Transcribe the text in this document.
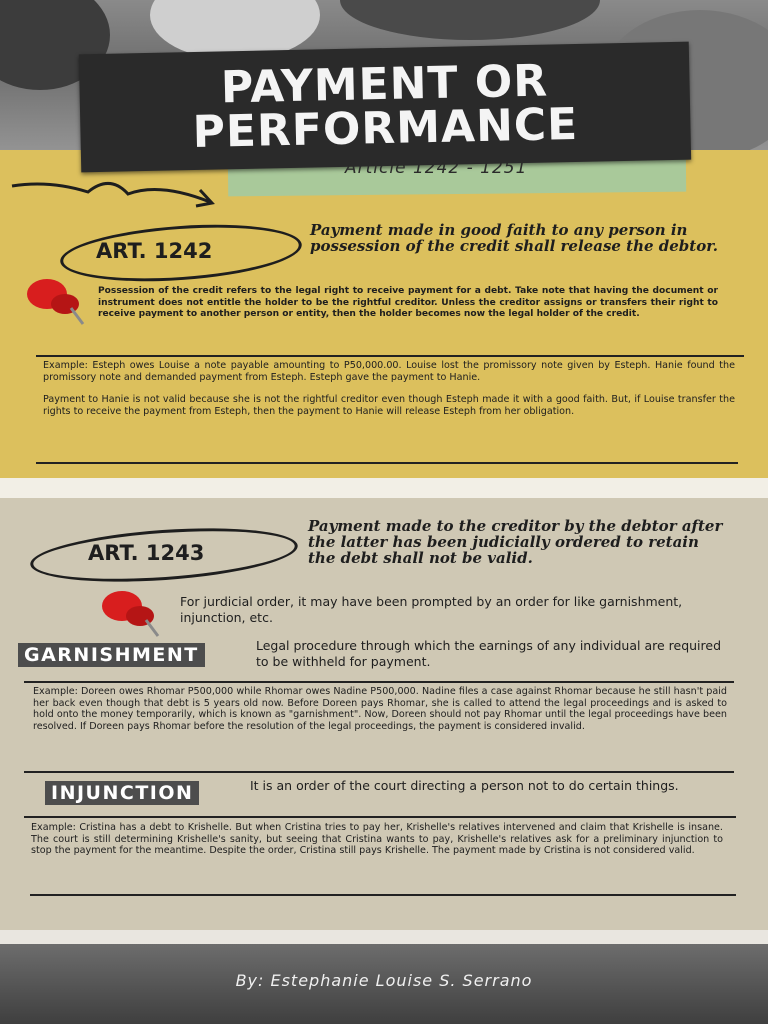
PAYMENT OR
PERFORMANCE
Article 1242 - 1251
ART. 1242
Payment made in good faith to any person in possession of the credit shall release the debtor.
Possession of the credit refers to the legal right to receive payment for a debt. Take note that having the document or instrument does not entitle the holder to be the rightful creditor. Unless the creditor assigns or transfers their right to receive payment to another person or entity, then the holder becomes now the legal holder of the credit.
Example: Esteph owes Louise a note payable amounting to P50,000.00. Louise lost the promissory note given by Esteph. Hanie found the promissory note and demanded payment from Esteph. Esteph gave the payment to Hanie.
Payment to Hanie is not valid because she is not the rightful creditor even though Esteph made it with a good faith. But, if Louise transfer the rights to receive the payment from Esteph, then the payment to Hanie will release Esteph from her obligation.
ART. 1243
Payment made to the creditor by the debtor after the latter has been judicially ordered to retain the debt shall not be valid.
For jurdicial order, it may have been prompted by an order for like garnishment, injunction, etc.
GARNISHMENT	Legal procedure through which the earnings of any individual are required to be withheld for payment.
Example: Doreen owes Rhomar P500,000 while Rhomar owes Nadine P500,000. Nadine files a case against Rhomar because he still hasn't paid her back even though that debt is 5 years old now. Before Doreen pays Rhomar, she is called to attend the legal proceedings and is asked to hold onto the money temporarily, which is known as "garnishment". Now, Doreen should not pay Rhomar until the legal proceedings have been resolved. If Doreen pays Rhomar before the resolution of the legal proceedings, the payment is considered invalid.
INJUNCTION	It is an order of the court directing a person not to do certain things.
Example: Cristina has a debt to Krishelle. But when Cristina tries to pay her, Krishelle's relatives intervened and claim that Krishelle is insane. The court is still determining Krishelle's sanity, but seeing that Cristina wants to pay, Krishelle's relatives ask for a preliminary injunction to stop the payment for the meantime. Despite the order, Cristina still pays Krishelle. The payment made by Cristina is not considered valid.
By: Estephanie Louise S. Serrano
